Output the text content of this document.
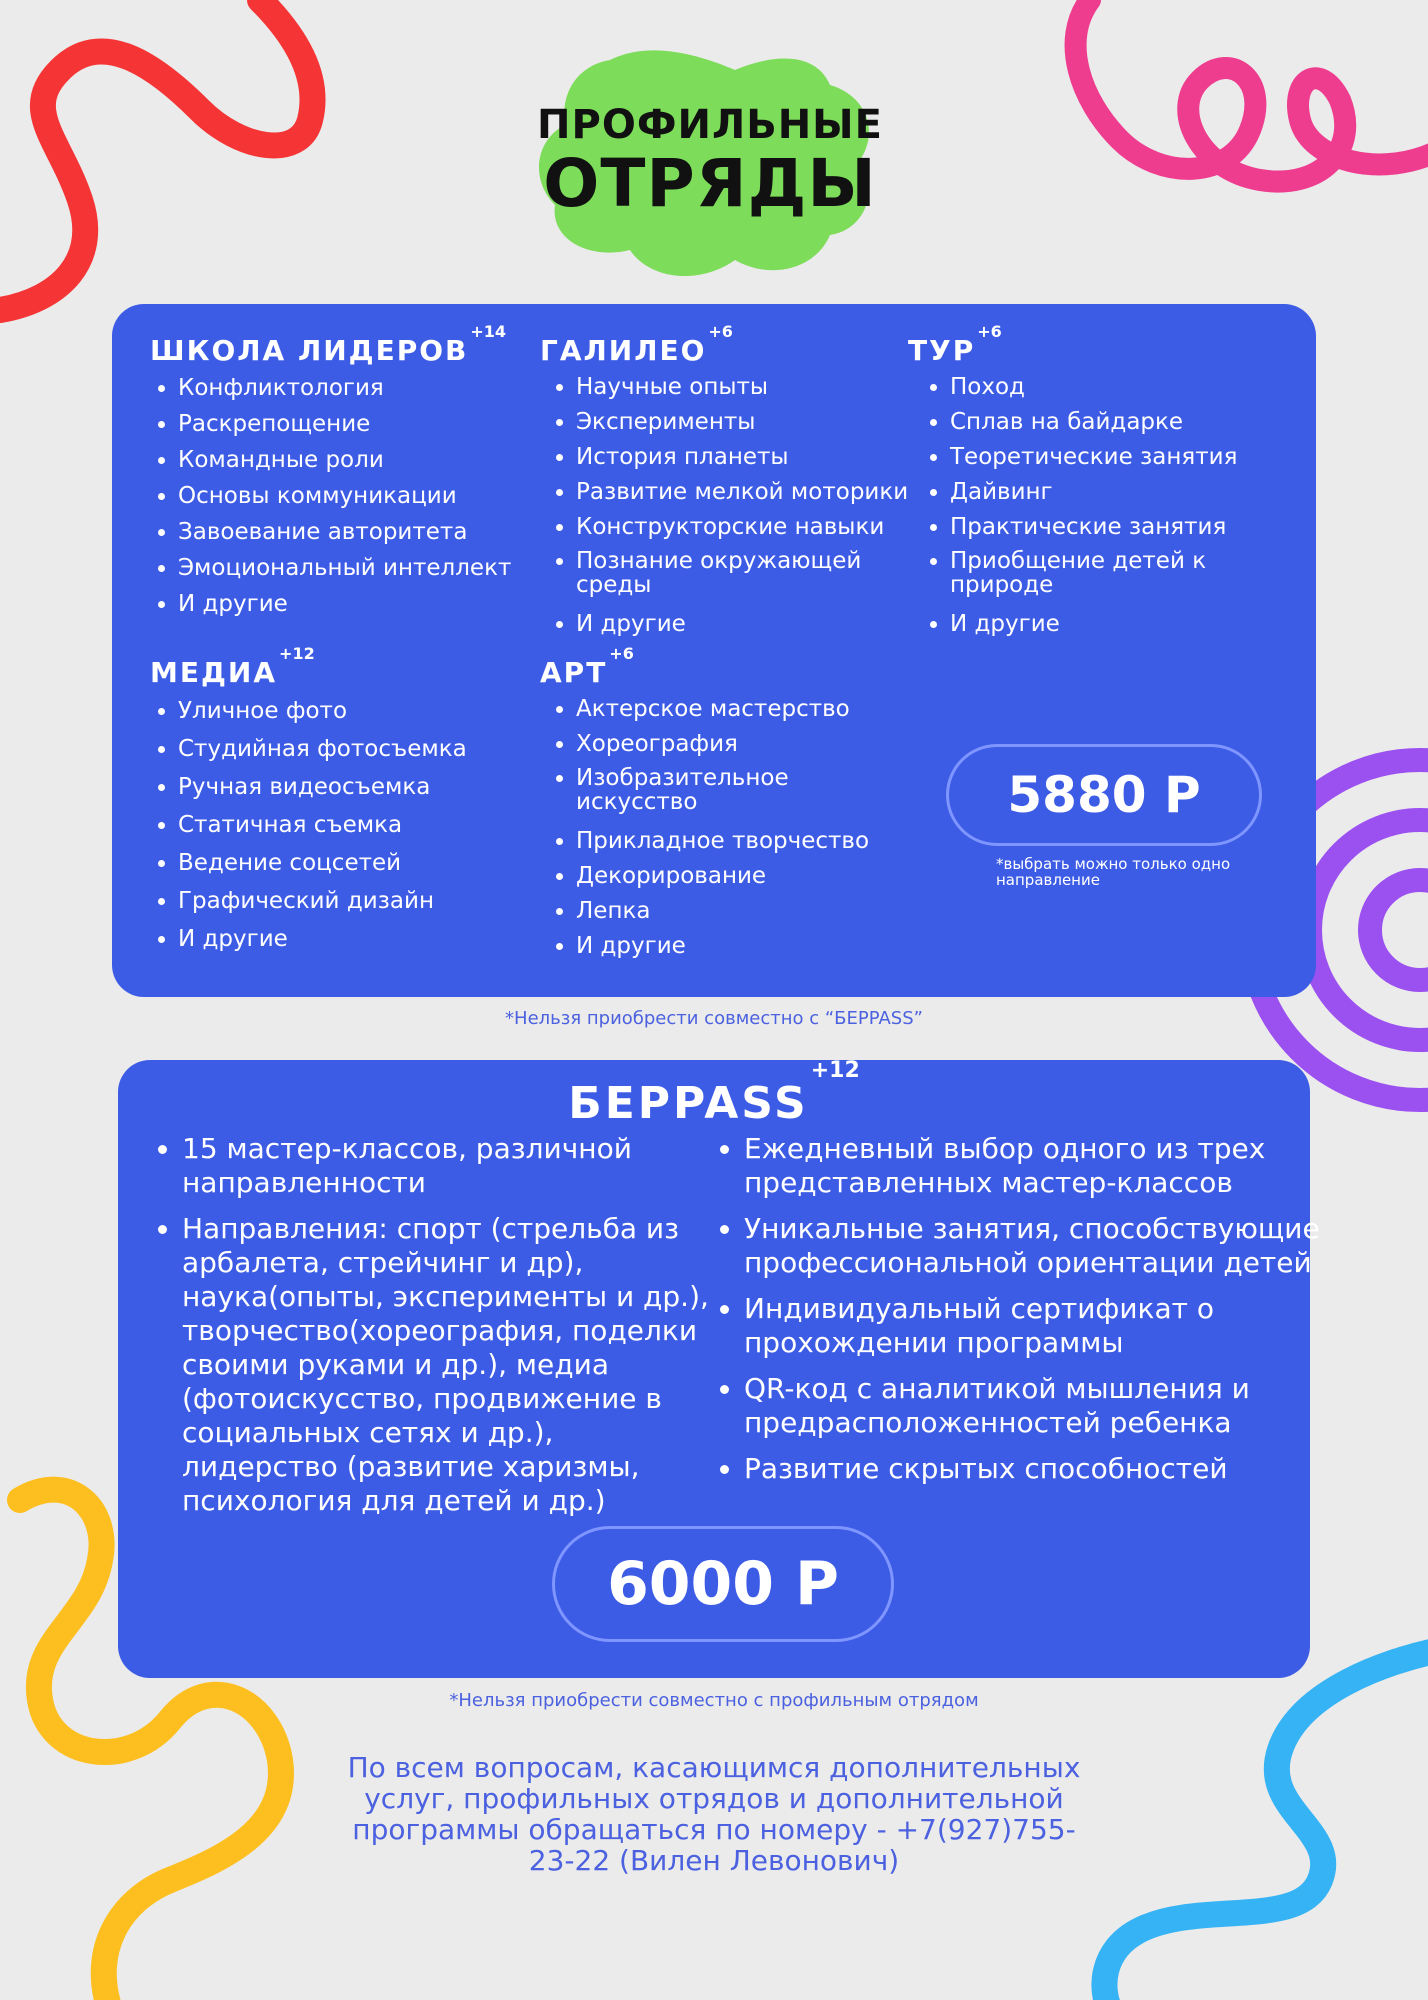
ПРОФИЛЬНЫЕ
ОТРЯДЫ
ШКОЛА $ЛИДЕРОВ^{+14}$
• Конфликтология
• Раскрепощение
• Командные роли
• Основы коммуникации
• Завоевание авторитета
• Эмоциональный интеллект
• И другие
$ГАЛИЛЕО^{+6}$
• Научные опыты
• Эксперименты
• История планеты
• Развитие мелкой моторики
• Конструкторские навыки
• Познание окружающей среды
• И другие
$ТУР^{+6}$
• Поход
• Сплав на байдарке
• Теоретические занятия
• Дайвинг
• Практические занятия
• Приобщение детей к природе
• И другие
$МЕДИА^{+12}$
• Уличное фото
• Студийная фотосъемка
• Ручная видеосъемка
• Статичная съемка
• Ведение соцсетей
• Графический дизайн
• И другие
$АРТ^{+6}$
• Актерское мастерство
• Хореография
• Изобразительное искусство
• Прикладное творчество
• Декорирование
• Лепка
• И другие
5880 Р
*выбрать можно только одно направление
*Нельзя приобрести совместно с “БЕРPASS”
$БЕРPASS^{+12}$
• 15 мастер-классов, различной направленности
• Направления: спорт (стрельба из арбалета, стрейчинг и др), наука(опыты, эксперименты и др.), творчество(хореография, поделки своими руками и др.), медиа (фотоискусство, продвижение в социальных сетях и др.), лидерство (развитие харизмы, психология для детей и др.)
• Ежедневный выбор одного из трех представленных мастер-классов
• Уникальные занятия, способствующие профессиональной ориентации детей
• Индивидуальный сертификат о прохождении программы
• QR-код с аналитикой мышления и предрасположенностей ребенка
• Развитие скрытых способностей
6000 Р
*Нельзя приобрести совместно с профильным отрядом
По всем вопросам, касающимся дополнительных услуг, профильных отрядов и дополнительной программы обращаться по номеру - +7(927)755-23-22 (Вилен Левонович)
